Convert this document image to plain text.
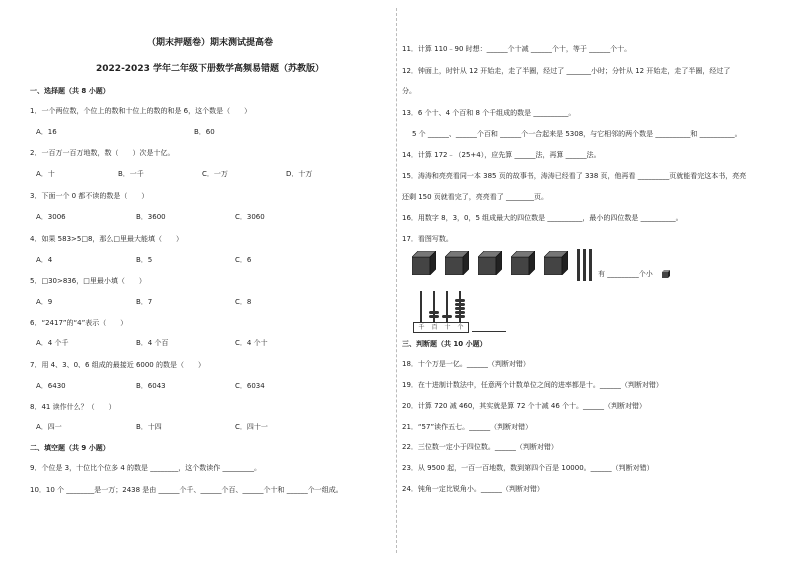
（期末押题卷）期末测试提高卷
2022-2023 学年二年级下册数学高频易错题（苏教版）
一、选择题（共 8 小题）
1．一个两位数，个位上的数和十位上的数的和是 6，这个数是（　　）
A．16	B．60
2．一百万一百万地数，数（　　）次是十亿。
A．十	B．一千	C．一万	D．十万
3．下面一个 0 都不读的数是（　　）
A．3006	B．3600	C．3060
4．如果 583>5□8，那么□里最大能填（　　）
A．4	B．5	C．6
5．□30>836，□里最小填（　　）
A．9	B．7	C．8
6．“2417”的“4”表示（　　）
A．4 个千	B．4 个百	C．4 个十
7．用 4、3、0、6 组成的最接近 6000 的数是（　　）
A．6430	B．6043	C．6034
8．41 读作什么？（　　）
A．四一	B．十四	C．四十一
二、填空题（共 9 小题）
9．个位是 3，十位比个位多 4 的数是 ________，这个数读作 _________。
10．10 个 ________是一万；2438 是由 ______个千、______个百、______个十和 ______个一组成。
11．计算 110﹣90 时想：______个十减 ______个十，等于 ______个十。
12．钟面上，时针从 12 开始走，走了半圈，经过了 _______小时；分针从 12 开始走，走了半圈，经过了
分。
13．6 个十、4 个百和 8 个千组成的数是 __________。
5 个 ______、______个百和 ______个一合起来是 5308，与它相邻的两个数是 __________和 __________。
14．计算 172﹣（25+4），应先算 ______法，再算 ______法。
15．涛涛和亮亮看同一本 385 页的故事书，涛涛已经看了 338 页，他再看 _________页就能看完这本书，亮亮
还剩 150 页就看完了，亮亮看了 ________页。
16．用数字 8，3，0，5 组成最大的四位数是 __________，最小的四位数是 __________。
17．看图写数。
有 _________个小
千 百 十 个
三、判断题（共 10 小题）
18．十个万是一亿。______（判断对错）
19．在十进制计数法中，任意两个计数单位之间的进率都是十。______（判断对错）
20．计算 720 减 460，其实就是算 72 个十减 46 个十。______（判断对错）
21．“57”读作五七。______（判断对错）
22．三位数一定小于四位数。______（判断对错）
23．从 9500 起，一百一百地数，数到第四个百是 10000。______（判断对错）
24．钝角一定比锐角小。______（判断对错）
